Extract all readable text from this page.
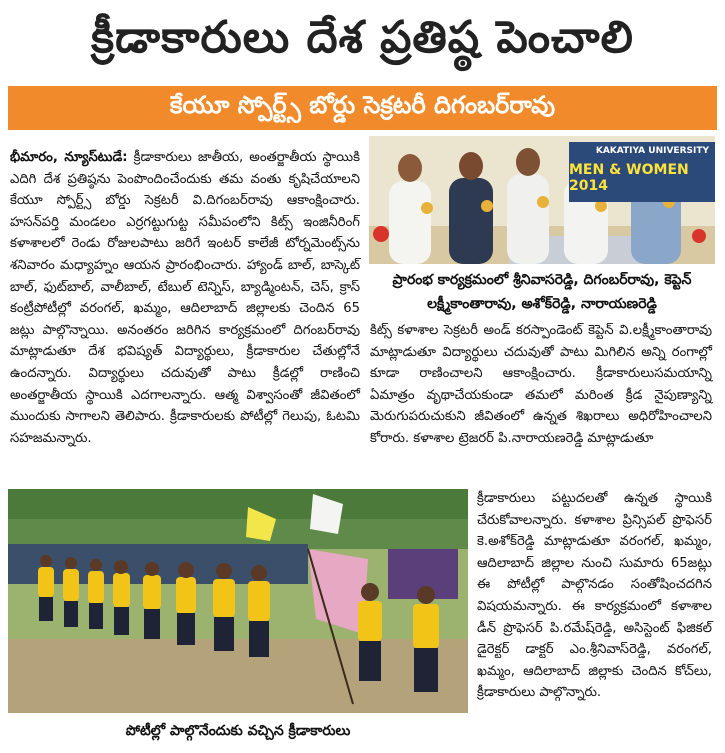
క్రీడాకారులు దేశ ప్రతిష్ఠ పెంచాలి
కేయూ స్పోర్ట్స్ బోర్డు సెక్రటరీ దిగంబర్‌రావు
భీమారం, న్యూస్‌టుడే: క్రీడాకారులు జాతీయ, అంతర్జాతీయ స్థాయికి ఎదిగి దేశ ప్రతిష్ఠను పెంపొందించేందుకు తమ వంతు కృషిచేయాలని కేయూ స్పోర్ట్స్ బోర్డు సెక్రటరీ వి.దిగంబర్‌రావు ఆకాంక్షించారు. హసన్‌పర్తి మండలం ఎర్రగట్టుగుట్ట సమీపంలోని కిట్స్ ఇంజినీరింగ్ కళాశాలలో రెండు రోజులపాటు జరిగే ఇంటర్ కాలేజీ టోర్నమెంట్స్‌ను శనివారం మధ్యాహ్నం ఆయన ప్రారంభించారు. హ్యాండ్ బాల్, బాస్కెట్ బాల్, ఫుట్‌బాల్, వాలీబాల్, టేబుల్ టెన్నిస్, బ్యాడ్మింటన్, చెస్, క్రాస్ కంట్రీపోటీల్లో వరంగల్, ఖమ్మం, ఆదిలాబాద్ జిల్లాలకు చెందిన 65 జట్లు పాల్గొన్నాయి. అనంతరం జరిగిన కార్యక్రమంలో దిగంబర్‌రావు మాట్లాడుతూ దేశ భవిష్యత్ విద్యార్థులు, క్రీడాకారుల చేతుల్లోనే ఉందన్నారు. విద్యార్థులు చదువుతో పాటు క్రీడల్లో రాణించి అంతర్జాతీయ స్థాయికి ఎదగాలన్నారు. ఆత్మ విశ్వాసంతో జీవితంలో ముందుకు సాగాలని తెలిపారు. క్రీడాకారులకు పోటీల్లో గెలుపు, ఓటమి సహజమన్నారు.
KAKATIYA UNIVERSITY
MEN & WOMEN 2014
ప్రారంభ కార్యక్రమంలో శ్రీనివాసరెడ్డి, దిగంబర్‌రావు, కెప్టెన్ లక్ష్మీకాంతారావు, అశోక్‌రెడ్డి, నారాయణరెడ్డి
కిట్స్ కళాశాల సెక్రటరీ అండ్ కరస్పాండెంట్ కెప్టెన్ వి.లక్ష్మీకాంతారావు మాట్లాడుతూ విద్యార్థులు చదువుతో పాటు మిగిలిన అన్ని రంగాల్లో కూడా రాణించాలని ఆకాంక్షించారు. క్రీడాకారులుసమయాన్ని ఏమాత్రం వృథాచేయకుండా తమలో మరింత క్రీడ నైపుణ్యాన్ని మెరుగుపరుచుకుని జీవితంలో ఉన్నత శిఖరాలు అధిరోహించాలని కోరారు. కళాశాల ట్రెజరర్ పి.నారాయణరెడ్డి మాట్లాడుతూ
పోటీల్లో పాల్గొనేందుకు వచ్చిన క్రీడాకారులు
క్రీడాకారులు పట్టుదలతో ఉన్నత స్థాయికి చేరుకోవాలన్నారు. కళాశాల ప్రిన్సిపల్ ప్రొఫెసర్ కె.అశోక్‌రెడ్డి మాట్లాడుతూ వరంగల్, ఖమ్మం, ఆదిలాబాద్ జిల్లాల నుంచి సుమారు 65జట్లు ఈ పోటీల్లో పాల్గొనడం సంతోషించదగిన విషయమన్నారు. ఈ కార్యక్రమంలో కళాశాల డీన్ ప్రొఫెసర్ పి.రమేష్‌రెడ్డి, అసిస్టెంట్ ఫిజికల్ డైరెక్టర్ డాక్టర్ ఎం.శ్రీనివాస్‌రెడ్డి, వరంగల్, ఖమ్మం, ఆదిలాబాద్ జిల్లాకు చెందిన కోచ్‌లు, క్రీడాకారులు పాల్గొన్నారు.
